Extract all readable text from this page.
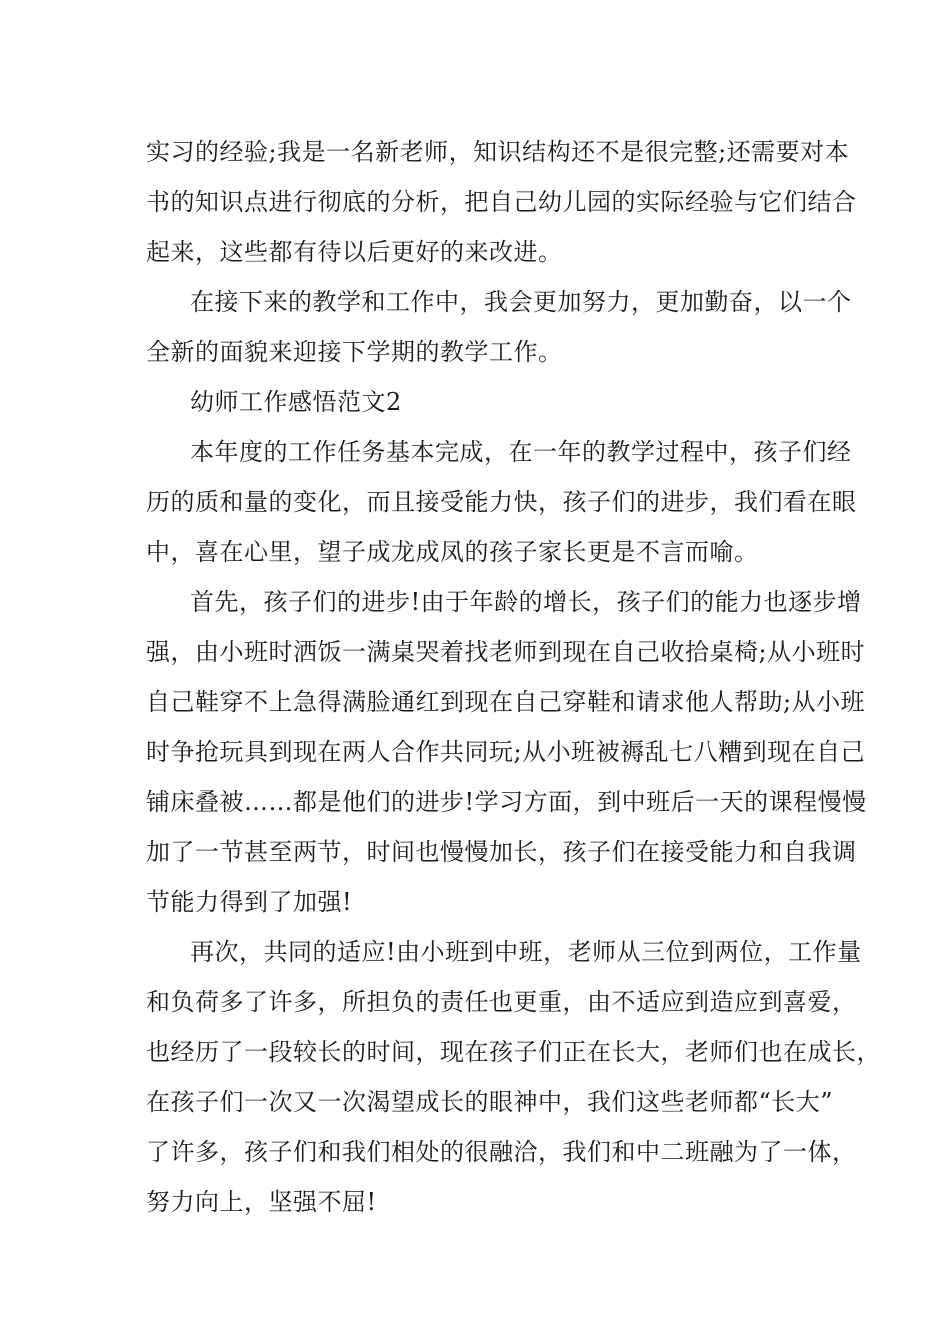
实习的经验;我是一名新老师，知识结构还不是很完整;还需要对本
书的知识点进行彻底的分析，把自己幼儿园的实际经验与它们结合
起来，这些都有待以后更好的来改进。
在接下来的教学和工作中，我会更加努力，更加勤奋，以一个
全新的面貌来迎接下学期的教学工作。
幼师工作感悟范文2
本年度的工作任务基本完成，在一年的教学过程中，孩子们经
历的质和量的变化，而且接受能力快，孩子们的进步，我们看在眼
中，喜在心里，望子成龙成凤的孩子家长更是不言而喻。
首先，孩子们的进步!由于年龄的增长，孩子们的能力也逐步增
强，由小班时洒饭一满桌哭着找老师到现在自己收拾桌椅;从小班时
自己鞋穿不上急得满脸通红到现在自己穿鞋和请求他人帮助;从小班
时争抢玩具到现在两人合作共同玩;从小班被褥乱七八糟到现在自己
铺床叠被……都是他们的进步!学习方面，到中班后一天的课程慢慢
加了一节甚至两节，时间也慢慢加长，孩子们在接受能力和自我调
节能力得到了加强!
再次，共同的适应!由小班到中班，老师从三位到两位，工作量
和负荷多了许多，所担负的责任也更重，由不适应到造应到喜爱，
也经历了一段较长的时间，现在孩子们正在长大，老师们也在成长，
在孩子们一次又一次渴望成长的眼神中，我们这些老师都“长大”
了许多，孩子们和我们相处的很融洽，我们和中二班融为了一体，
努力向上，坚强不屈!
